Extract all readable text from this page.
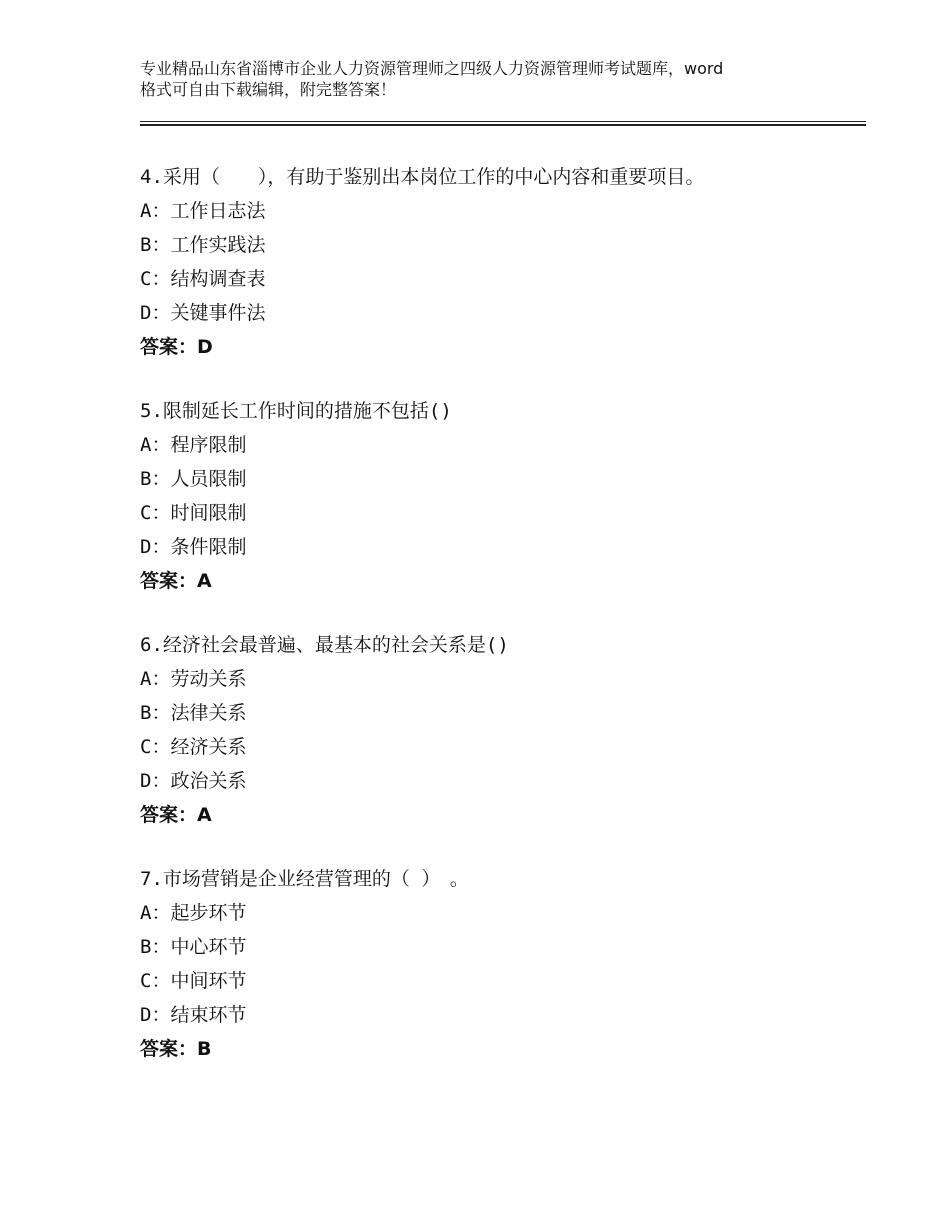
专业精品山东省淄博市企业人力资源管理师之四级人力资源管理师考试题库，word
格式可自由下载编辑，附完整答案！
4.采用（　　），有助于鉴别出本岗位工作的中心内容和重要项目。
A：工作日志法
B：工作实践法
C：结构调查表
D：关键事件法
答案：D
5.限制延长工作时间的措施不包括()
A：程序限制
B：人员限制
C：时间限制
D：条件限制
答案：A
6.经济社会最普遍、最基本的社会关系是()
A：劳动关系
B：法律关系
C：经济关系
D：政治关系
答案：A
7.市场营销是企业经营管理的（ ）　。
A：起步环节
B：中心环节
C：中间环节
D：结束环节
答案：B
